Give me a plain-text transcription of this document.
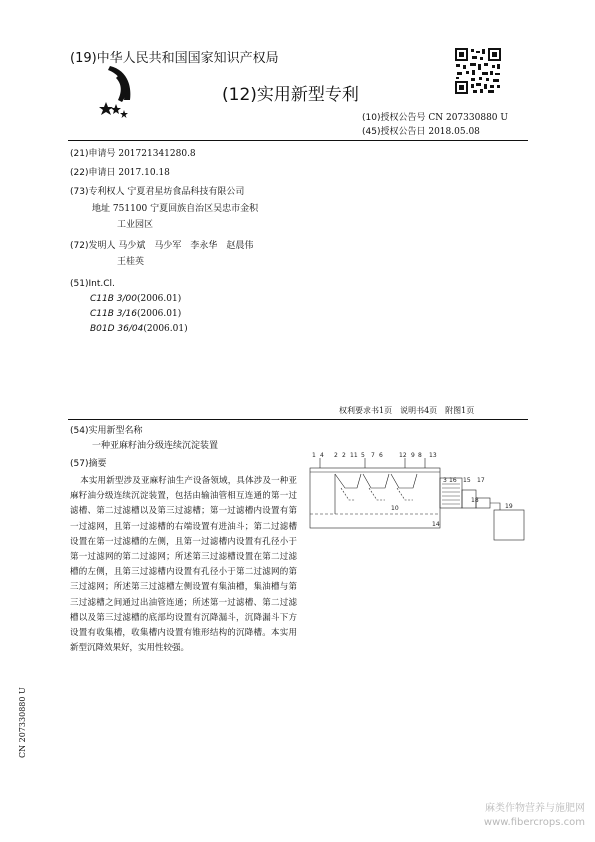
(19)中华人民共和国国家知识产权局
(12)实用新型专利
(10)授权公告号 CN 207330880 U
(45)授权公告日 2018.05.08
(21)申请号 201721341280.8
(22)申请日 2017.10.18
(73)专利权人 宁夏君星坊食品科技有限公司
地址 751100 宁夏回族自治区吴忠市金积
工业园区
(72)发明人 马少斌　马少军　李永华　赵晨伟
王桂英
(51)Int.Cl.
C11B 3/00(2006.01)
C11B 3/16(2006.01)
B01D 36/04(2006.01)
权利要求书1页　说明书4页　附图1页
(54)实用新型名称
一种亚麻籽油分级连续沉淀装置
(57)摘要
本实用新型涉及亚麻籽油生产设备领域，具体涉及一种亚麻籽油分级连续沉淀装置，包括由输油管相互连通的第一过滤槽、第二过滤槽以及第三过滤槽；第一过滤槽内设置有第一过滤网，且第一过滤槽的右端设置有进油斗；第二过滤槽设置在第一过滤槽的左侧，且第一过滤槽内设置有孔径小于第一过滤网的第二过滤网；所述第三过滤槽设置在第二过滤槽的左侧，且第三过滤槽内设置有孔径小于第二过滤网的第三过滤网；所述第三过滤槽左侧设置有集油槽，集油槽与第三过滤槽之间通过出油管连通；所述第一过滤槽、第二过滤槽以及第三过滤槽的底部均设置有沉降漏斗，沉降漏斗下方设置有收集槽，收集槽内设置有锥形结构的沉降槽。本实用新型沉降效果好，实用性较强。
1 4 2 2 11 5 7 6	12 9 8 13
3 16 15 17
10
14
18
19
CN 207330880 U
麻类作物营养与施肥网
www.fibercrops.com
